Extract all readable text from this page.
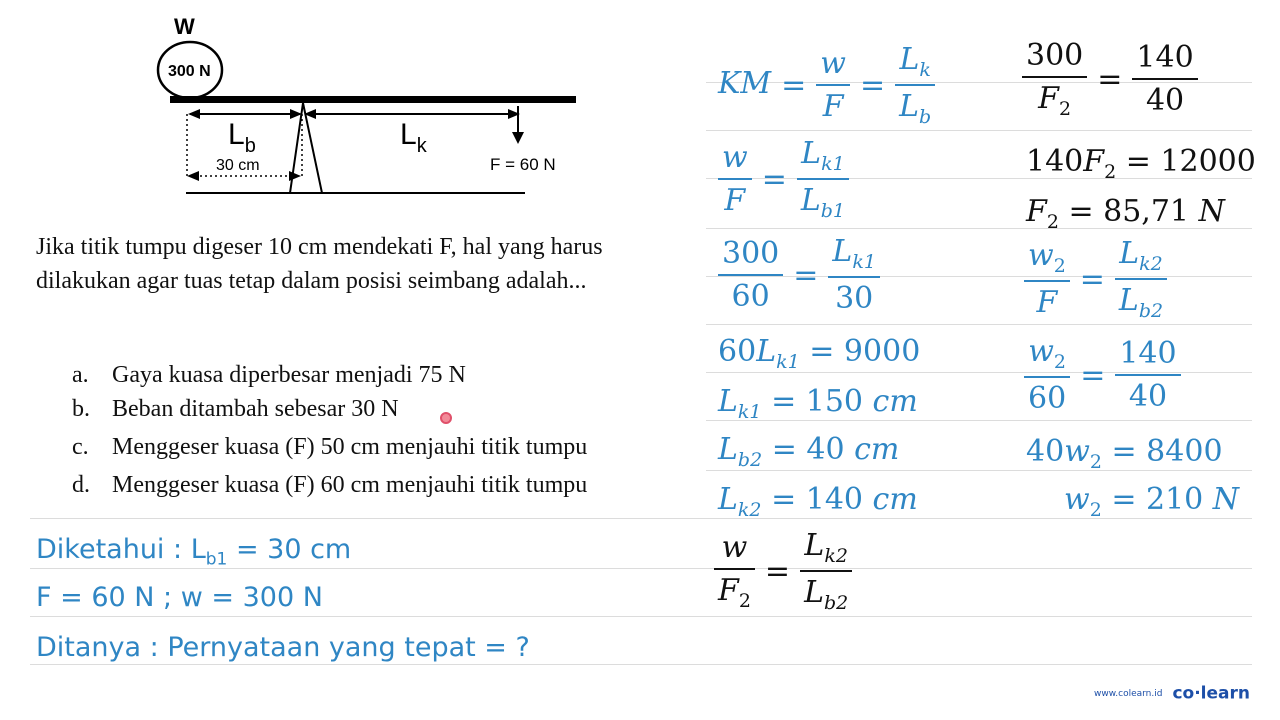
W
300 N
30 cm
$L_b$	$L_k$
F = 60 N
Jika titik tumpu digeser 10 cm mendekati F, hal yang harus dilakukan agar tuas tetap dalam posisi seimbang adalah...
a. Gaya kuasa diperbesar menjadi 75 N
b. Beban ditambah sebesar 30 N
c. Menggeser kuasa (F) 50 cm menjauhi titik tumpu
d. Menggeser kuasa (F) 60 cm menjauhi titik tumpu
Diketahui : $L_{b1} = 30$ cm
F = 60 N ; w = 300 N
Ditanya : Pernyataan yang tepat = ?
KM = $\frac{w}{F} = \frac{L_k}{L_b}$
$\frac{w}{F} = \frac{L_{k1}}{L_{b1}}$
$\frac{300}{60} = \frac{L_{k1}}{30}$
$60L_{k1} = 9000$
$L_{k1} = 150$ cm
$L_{b2} = 40$ cm
$L_{k2} = 140$ cm
$\frac{w}{F_2} = \frac{L_{k2}}{L_{b2}}$
$\frac{300}{F_2} = \frac{140}{40}$
$140F_2 = 12000$
$F_2 = 85,71$ N
$\frac{w_2}{F} = \frac{L_{k2}}{L_{b2}}$
$\frac{w_2}{60} = \frac{140}{40}$
$40w_2 = 8400$
$w_2 = 210$ N
www.colearn.id co·learn
